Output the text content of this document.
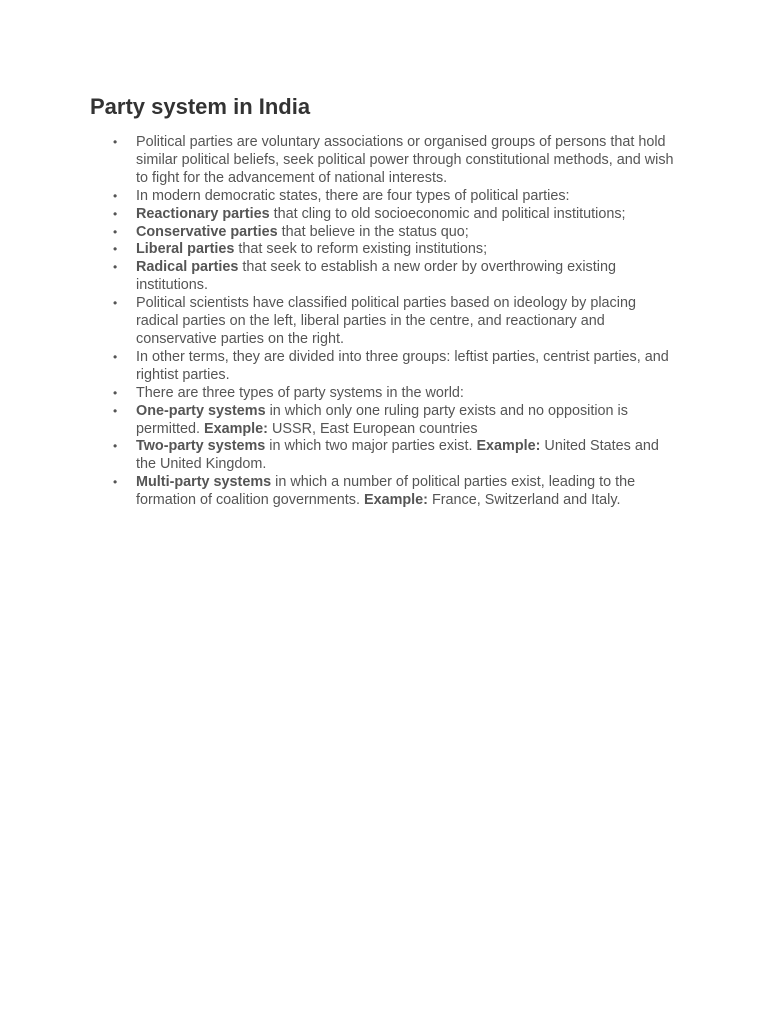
Party system in India
• Political parties are voluntary associations or organised groups of persons that hold similar political beliefs, seek political power through constitutional methods, and wish to fight for the advancement of national interests.
• In modern democratic states, there are four types of political parties:
• Reactionary parties that cling to old socioeconomic and political institutions;
• Conservative parties that believe in the status quo;
• Liberal parties that seek to reform existing institutions;
• Radical parties that seek to establish a new order by overthrowing existing institutions.
• Political scientists have classified political parties based on ideology by placing radical parties on the left, liberal parties in the centre, and reactionary and conservative parties on the right.
• In other terms, they are divided into three groups: leftist parties, centrist parties, and rightist parties.
• There are three types of party systems in the world:
• One-party systems in which only one ruling party exists and no opposition is permitted. Example: USSR, East European countries
• Two-party systems in which two major parties exist. Example: United States and the United Kingdom.
• Multi-party systems in which a number of political parties exist, leading to the formation of coalition governments. Example: France, Switzerland and Italy.
